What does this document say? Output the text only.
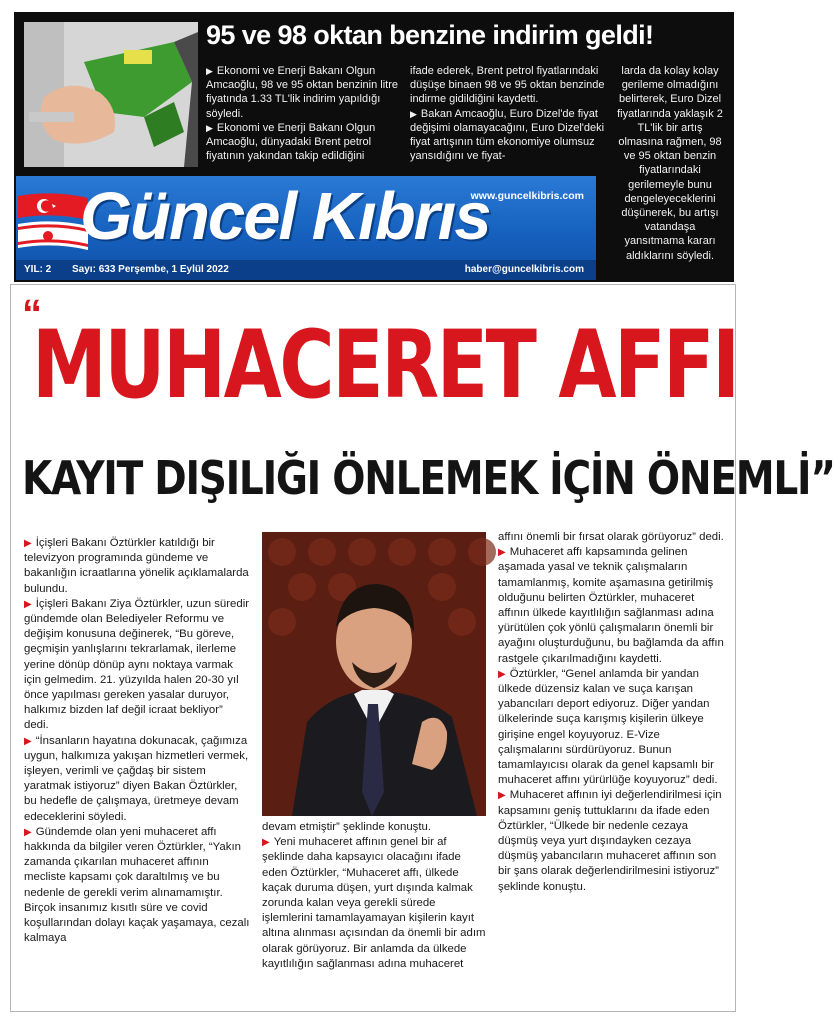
95 ve 98 oktan benzine indirim geldi!

▶ Ekonomi ve Enerji Bakanı Olgun Amcaoğlu, 98 ve 95 oktan benzinin litre fiyatında 1.33 TL'lik indirim yapıldığı söyledi.

▶ Ekonomi ve Enerji Bakanı Olgun Amcaoğlu, dünyadaki Brent petrol fiyatının yakından takip edildiğini

ifade ederek, Brent petrol fiyatlarındaki düşüşe binaen 98 ve 95 oktan benzinde indirme gidildiğini kaydetti.

▶ Bakan Amcaoğlu, Euro Dizel'de fiyat değişimi olamayacağını, Euro Dizel'deki fiyat artışının tüm ekonomiye olumsuz yansıdığını ve fiyat-

larda da kolay kolay gerileme olmadığını belirterek, Euro Dizel fiyatlarında yaklaşık 2 TL'lik bir artış olmasına rağmen, 98 ve 95 oktan benzin fiyatlarındaki gerilemeyle bunu dengeleyeceklerini düşünerek, bu artışı vatandaşa yansıtmama kararı aldıklarını söyledi.
Güncel Kıbrıs
www.guncelkibris.com
YIL: 2 Sayı: 633 Perşembe, 1 Eylül 2022	haber@guncelkibris.com
“
MUHACERET AFFI
KAYIT DIŞILIĞI ÖNLEMEK İÇİN ÖNEMLİ”

▶ İçişleri Bakanı Öztürkler katıldığı bir televizyon programında gündeme ve bakanlığın icraatlarına yönelik açıklamalarda bulundu.

▶ İçişleri Bakanı Ziya Öztürkler, uzun süredir gündemde olan Belediyeler Reformu ve değişim konusuna değinerek, “Bu göreve, geçmişin yanlışlarını tekrarlamak, ilerleme yerine dönüp dönüp aynı noktaya varmak için gelmedim. 21. yüzyılda halen 20-30 yıl önce yapılması gereken yasalar duruyor, halkımız bizden laf değil icraat bekliyor” dedi.

▶ “İnsanların hayatına dokunacak, çağımıza uygun, halkımıza yakışan hizmetleri vermek, işleyen, verimli ve çağdaş bir sistem yaratmak istiyoruz” diyen Bakan Öztürkler, bu hedefle de çalışmaya, üretmeye devam edeceklerini söyledi.

▶ Gündemde olan yeni muhaceret affı hakkında da bilgiler veren Öztürkler, “Yakın zamanda çıkarılan muhaceret affının mecliste kapsamı çok daraltılmış ve bu nedenle de gerekli verim alınamamıştır. Birçok insanımız kısıtlı süre ve covid koşullarından dolayı kaçak yaşamaya, cezalı kalmaya

devam etmiştir” şeklinde konuştu.

▶ Yeni muhaceret affının genel bir af şeklinde daha kapsayıcı olacağını ifade eden Öztürkler, “Muhaceret affı, ülkede kaçak duruma düşen, yurt dışında kalmak zorunda kalan veya gerekli sürede işlemlerini tamamlayamayan kişilerin kayıt altına alınması açısından da önemli bir adım olarak görüyoruz. Bir anlamda da ülkede kayıtlılığın sağlanması adına muhaceret

affını önemli bir fırsat olarak görüyoruz” dedi.

▶ Muhaceret affı kapsamında gelinen aşamada yasal ve teknik çalışmaların tamamlanmış, komite aşamasına getirilmiş olduğunu belirten Öztürkler, muhaceret affının ülkede kayıtlılığın sağlanması adına yürütülen çok yönlü çalışmaların önemli bir ayağını oluşturduğunu, bu bağlamda da affın rastgele çıkarılmadığını kaydetti.

▶ Öztürkler, “Genel anlamda bir yandan ülkede düzensiz kalan ve suça karışan yabancıları deport ediyoruz. Diğer yandan ülkelerinde suça karışmış kişilerin ülkeye girişine engel koyuyoruz. E-Vize çalışmalarını sürdürüyoruz. Bunun tamamlayıcısı olarak da genel kapsamlı bir muhaceret affını yürürlüğe koyuyoruz” dedi.

▶ Muhaceret affının iyi değerlendirilmesi için kapsamını geniş tuttuklarını da ifade eden Öztürkler, “Ülkede bir nedenle cezaya düşmüş veya yurt dışındayken cezaya düşmüş yabancıların muhaceret affının son bir şans olarak değerlendirilmesini istiyoruz” şeklinde konuştu.
